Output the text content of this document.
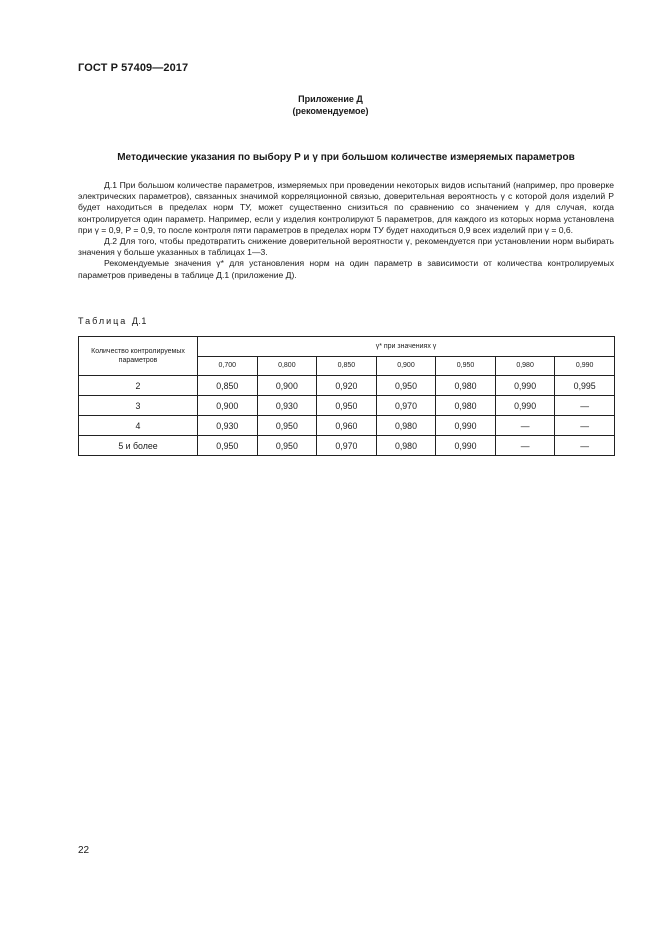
ГОСТ Р 57409—2017
Приложение Д
(рекомендуемое)
Методические указания по выбору P и γ при большом количестве измеряемых параметров

Д.1 При большом количестве параметров, измеряемых при проведении некоторых видов испытаний (например, про проверке электрических параметров), связанных значимой корреляционной связью, доверительная вероятность γ с которой доля изделий P будет находиться в пределах норм ТУ, может существенно снизиться по сравнению со значением γ для случая, когда контролируется один параметр. Например, если у изделия контролируют 5 параметров, для каждого из которых норма установлена при γ = 0,9, P = 0,9, то после контроля пяти параметров в пределах норм ТУ будет находиться 0,9 всех изделий при γ = 0,6.

Д.2 Для того, чтобы предотвратить снижение доверительной вероятности γ, рекомендуется при установлении норм выбирать значения γ больше указанных в таблицах 1—3.

Рекомендуемые значения γ* для установления норм на один параметр в зависимости от количества контролируемых параметров приведены в таблице Д.1 (приложение Д).

Таблица Д.1
Количество контролируемых параметров	γ* при значениях γ						
	0,700	0,800	0,850	0,900	0,950	0,980	0,990
2	0,850	0,900	0,920	0,950	0,980	0,990	0,995
3	0,900	0,930	0,950	0,970	0,980	0,990	—
4	0,930	0,950	0,960	0,980	0,990	—	—
5 и более	0,950	0,950	0,970	0,980	0,990	—	—
22
